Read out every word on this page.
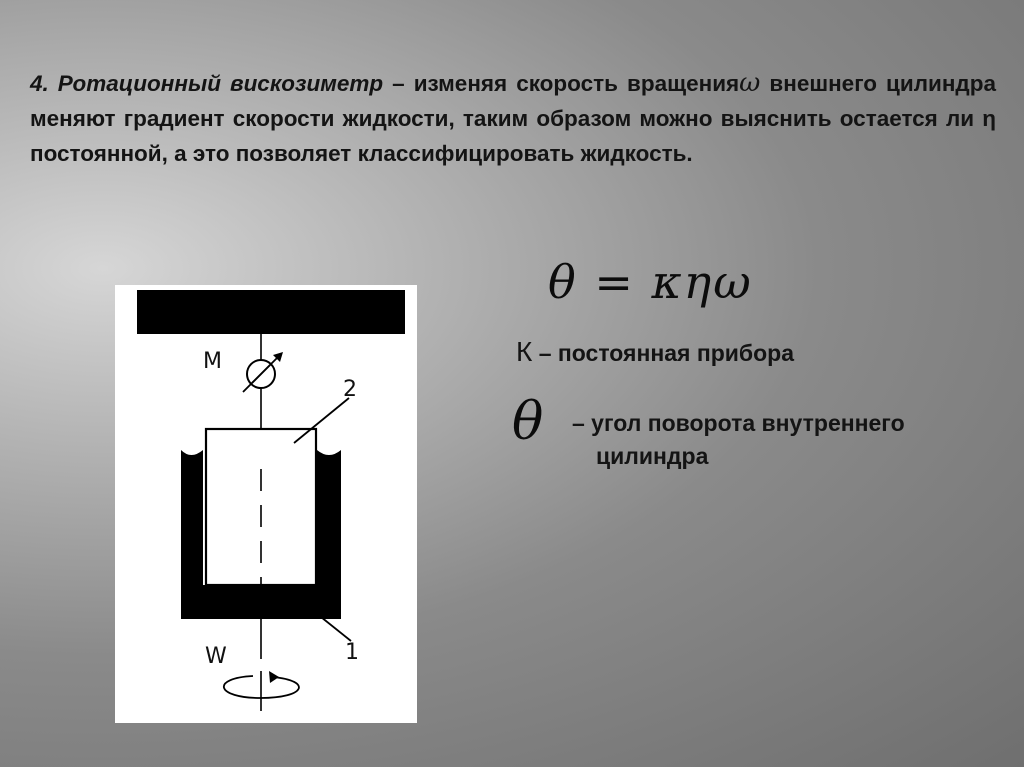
4. Ротационный вискозиметр – изменяя скорость вращенияω внешнего цилиндра меняют градиент скорости жидкости, таким образом можно выяснить остается ли η постоянной, а это позволяет классифицировать жидкость.
θ = κηω
К – постоянная прибора
θ – угол поворота внутреннего
цилиндра
M
2
1
W
